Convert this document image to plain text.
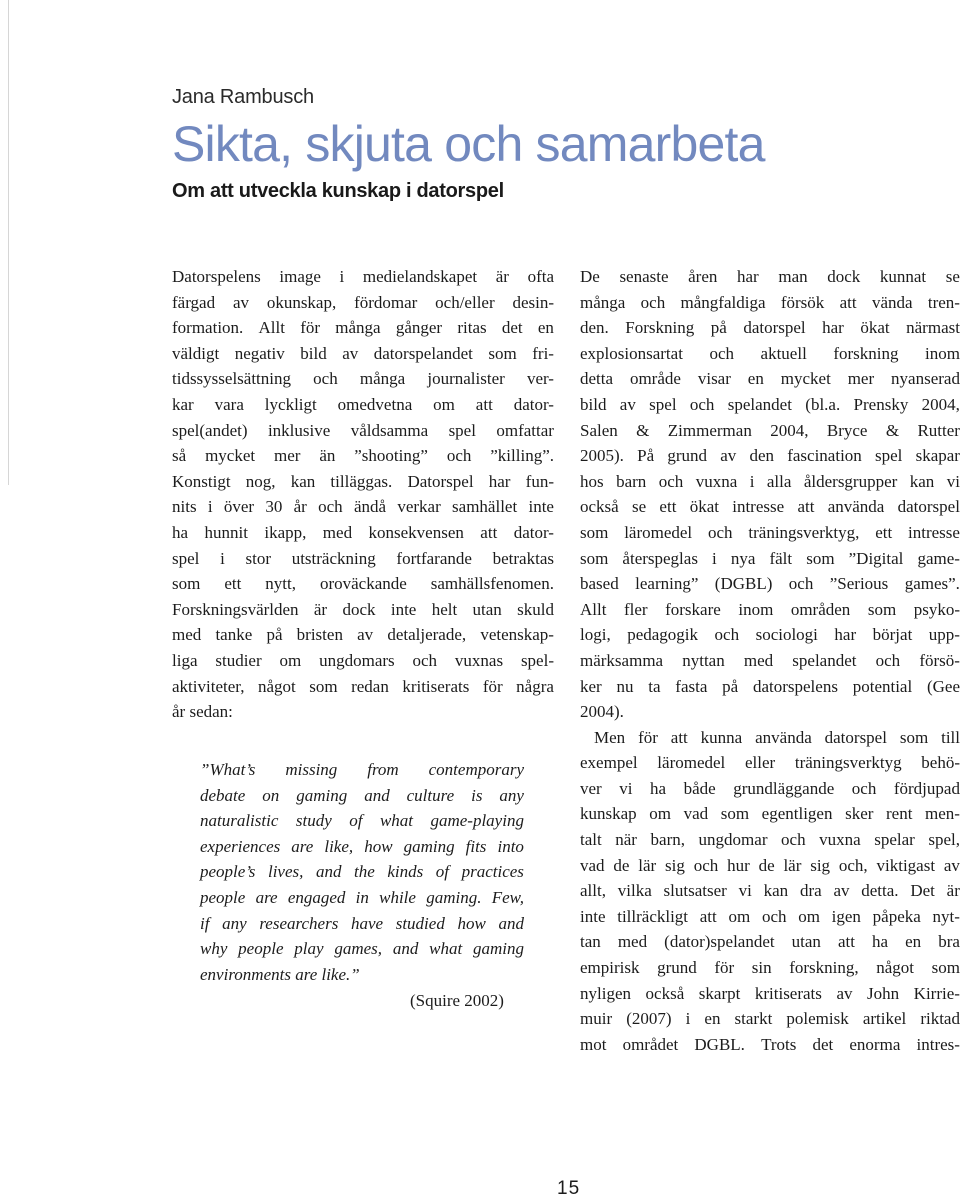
Jana Rambusch
Sikta, skjuta och samarbeta
Om att utveckla kunskap i datorspel
Datorspelens image i medielandskapet är ofta
färgad av okunskap, fördomar och/eller desin-
formation. Allt för många gånger ritas det en
väldigt negativ bild av datorspelandet som fri-
tidssysselsättning och många journalister ver-
kar vara lyckligt omedvetna om att dator-
spel(andet) inklusive våldsamma spel omfattar
så mycket mer än ”shooting” och ”killing”.
Konstigt nog, kan tilläggas. Datorspel har fun-
nits i över 30 år och ändå verkar samhället inte
ha hunnit ikapp, med konsekvensen att dator-
spel i stor utsträckning fortfarande betraktas
som ett nytt, oroväckande samhällsfenomen.
Forskningsvärlden är dock inte helt utan skuld
med tanke på bristen av detaljerade, vetenskap-
liga studier om ungdomars och vuxnas spel-
aktiviteter, något som redan kritiserats för några
år sedan:
”What’s missing from contemporary
debate on gaming and culture is any
naturalistic study of what game-playing
experiences are like, how gaming fits into
people’s lives, and the kinds of practices
people are engaged in while gaming. Few,
if any researchers have studied how and
why people play games, and what gaming
environments are like.”
(Squire 2002)
De senaste åren har man dock kunnat se
många och mångfaldiga försök att vända tren-
den. Forskning på datorspel har ökat närmast
explosionsartat och aktuell forskning inom
detta område visar en mycket mer nyanserad
bild av spel och spelandet (bl.a. Prensky 2004,
Salen & Zimmerman 2004, Bryce & Rutter
2005). På grund av den fascination spel skapar
hos barn och vuxna i alla åldersgrupper kan vi
också se ett ökat intresse att använda datorspel
som läromedel och träningsverktyg, ett intresse
som återspeglas i nya fält som ”Digital game-
based learning” (DGBL) och ”Serious games”.
Allt fler forskare inom områden som psyko-
logi, pedagogik och sociologi har börjat upp-
märksamma nyttan med spelandet och försö-
ker nu ta fasta på datorspelens potential (Gee
2004).
Men för att kunna använda datorspel som till
exempel läromedel eller träningsverktyg behö-
ver vi ha både grundläggande och fördjupad
kunskap om vad som egentligen sker rent men-
talt när barn, ungdomar och vuxna spelar spel,
vad de lär sig och hur de lär sig och, viktigast av
allt, vilka slutsatser vi kan dra av detta. Det är
inte tillräckligt att om och om igen påpeka nyt-
tan med (dator)spelandet utan att ha en bra
empirisk grund för sin forskning, något som
nyligen också skarpt kritiserats av John Kirrie-
muir (2007) i en starkt polemisk artikel riktad
mot området DGBL. Trots det enorma intres-
15
